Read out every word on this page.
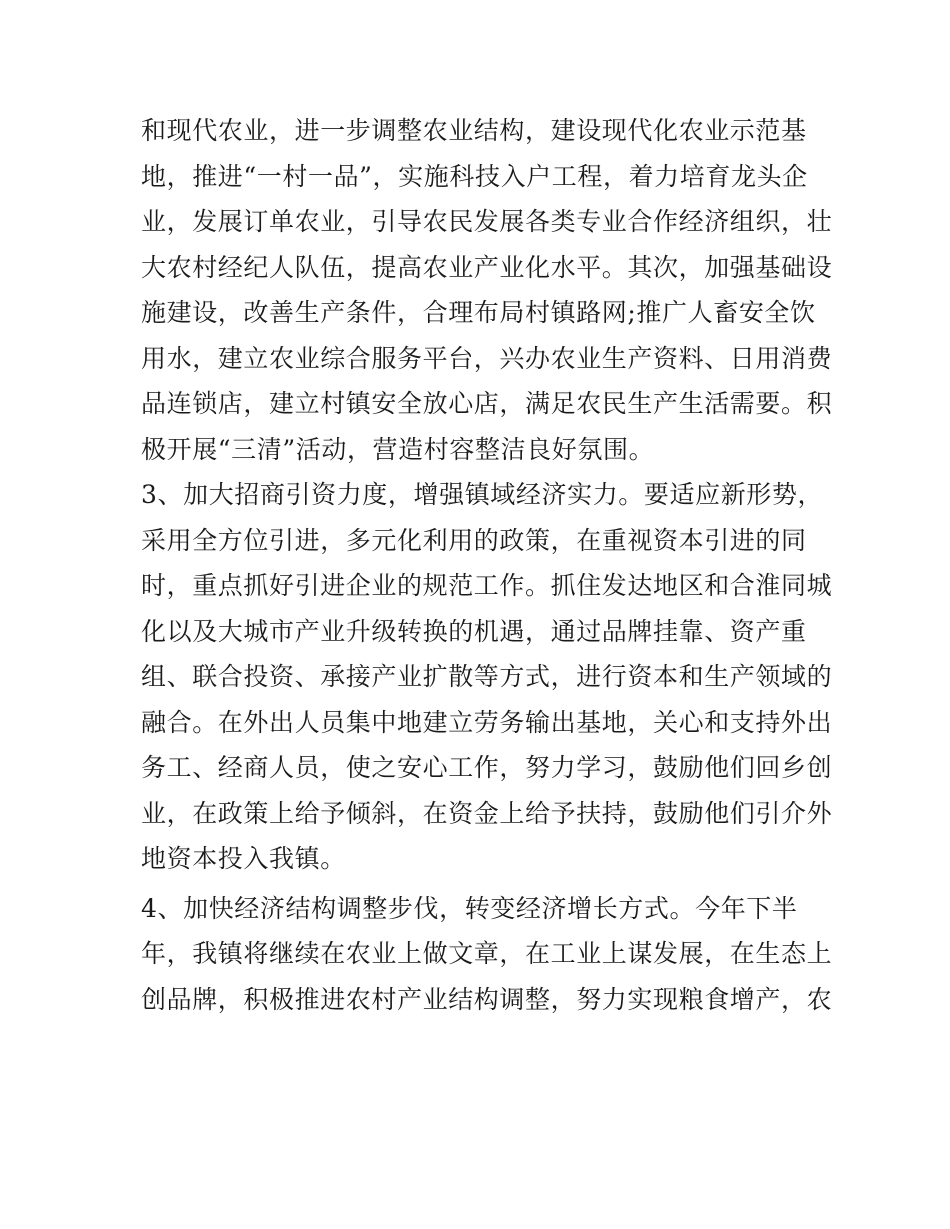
和现代农业，进一步调整农业结构，建设现代化农业示范基
地，推进“一村一品”，实施科技入户工程，着力培育龙头企
业，发展订单农业，引导农民发展各类专业合作经济组织，壮
大农村经纪人队伍，提高农业产业化水平。其次，加强基础设
施建设，改善生产条件，合理布局村镇路网;推广人畜安全饮
用水，建立农业综合服务平台，兴办农业生产资料、日用消费
品连锁店，建立村镇安全放心店，满足农民生产生活需要。积
极开展“三清”活动，营造村容整洁良好氛围。
3、加大招商引资力度，增强镇域经济实力。要适应新形势，
采用全方位引进，多元化利用的政策，在重视资本引进的同
时，重点抓好引进企业的规范工作。抓住发达地区和合淮同城
化以及大城市产业升级转换的机遇，通过品牌挂靠、资产重
组、联合投资、承接产业扩散等方式，进行资本和生产领域的
融合。在外出人员集中地建立劳务输出基地，关心和支持外出
务工、经商人员，使之安心工作，努力学习，鼓励他们回乡创
业，在政策上给予倾斜，在资金上给予扶持，鼓励他们引介外
地资本投入我镇。
4、加快经济结构调整步伐，转变经济增长方式。今年下半
年，我镇将继续在农业上做文章，在工业上谋发展，在生态上
创品牌，积极推进农村产业结构调整，努力实现粮食增产，农
